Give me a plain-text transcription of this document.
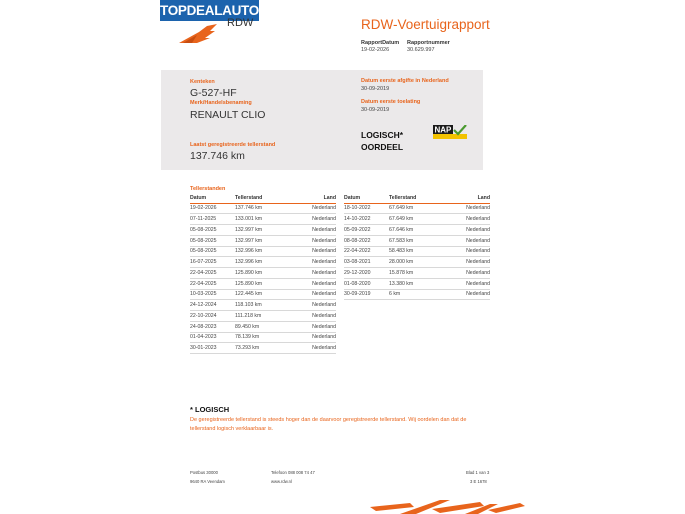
TOPDEALAUTO.NL
RDW	RDW-Voertuigrapport
RapportDatum
19-02-2026
Rapportnummer
30.629.997
Kenteken
G-527-HF
Merk/Handelsbenaming
RENAULT CLIO
Laatst geregistreerde tellerstand
137.746 km
Datum eerste afgifte in Nederland
30-09-2019
Datum eerste toelating
30-09-2019
LOGISCH*
OORDEEL
NAP
Tellerstanden
Datum	Tellerstand	Land
19-02-2026	137.746 km	Nederland
07-11-2025	133.001 km	Nederland
05-08-2025	132.997 km	Nederland
05-08-2025	132.997 km	Nederland
05-08-2025	132.996 km	Nederland
16-07-2025	132.996 km	Nederland
22-04-2025	125.890 km	Nederland
22-04-2025	125.890 km	Nederland
10-03-2025	122.445 km	Nederland
24-12-2024	118.103 km	Nederland
22-10-2024	111.218 km	Nederland
24-08-2023	89.450 km	Nederland
01-04-2023	78.139 km	Nederland
30-01-2023	73.293 km	Nederland
Datum	Tellerstand	Land
18-10-2022	67.649 km	Nederland
14-10-2022	67.649 km	Nederland
05-09-2022	67.646 km	Nederland
08-08-2022	67.583 km	Nederland
22-04-2022	58.483 km	Nederland
03-08-2021	28.000 km	Nederland
29-12-2020	15.878 km	Nederland
01-08-2020	13.380 km	Nederland
30-09-2019	6 km	Nederland
* LOGISCH
De geregistreerde tellerstand is steeds hoger dan de daarvoor geregistreerde tellerstand. Wij oordelen dan dat de tellerstand logisch verklaarbaar is.
Postbus 30000
9640 RA Veendam
Telefoon 088 008 74 47
www.rdw.nl
Blad 1 van 3
3 E 1678
